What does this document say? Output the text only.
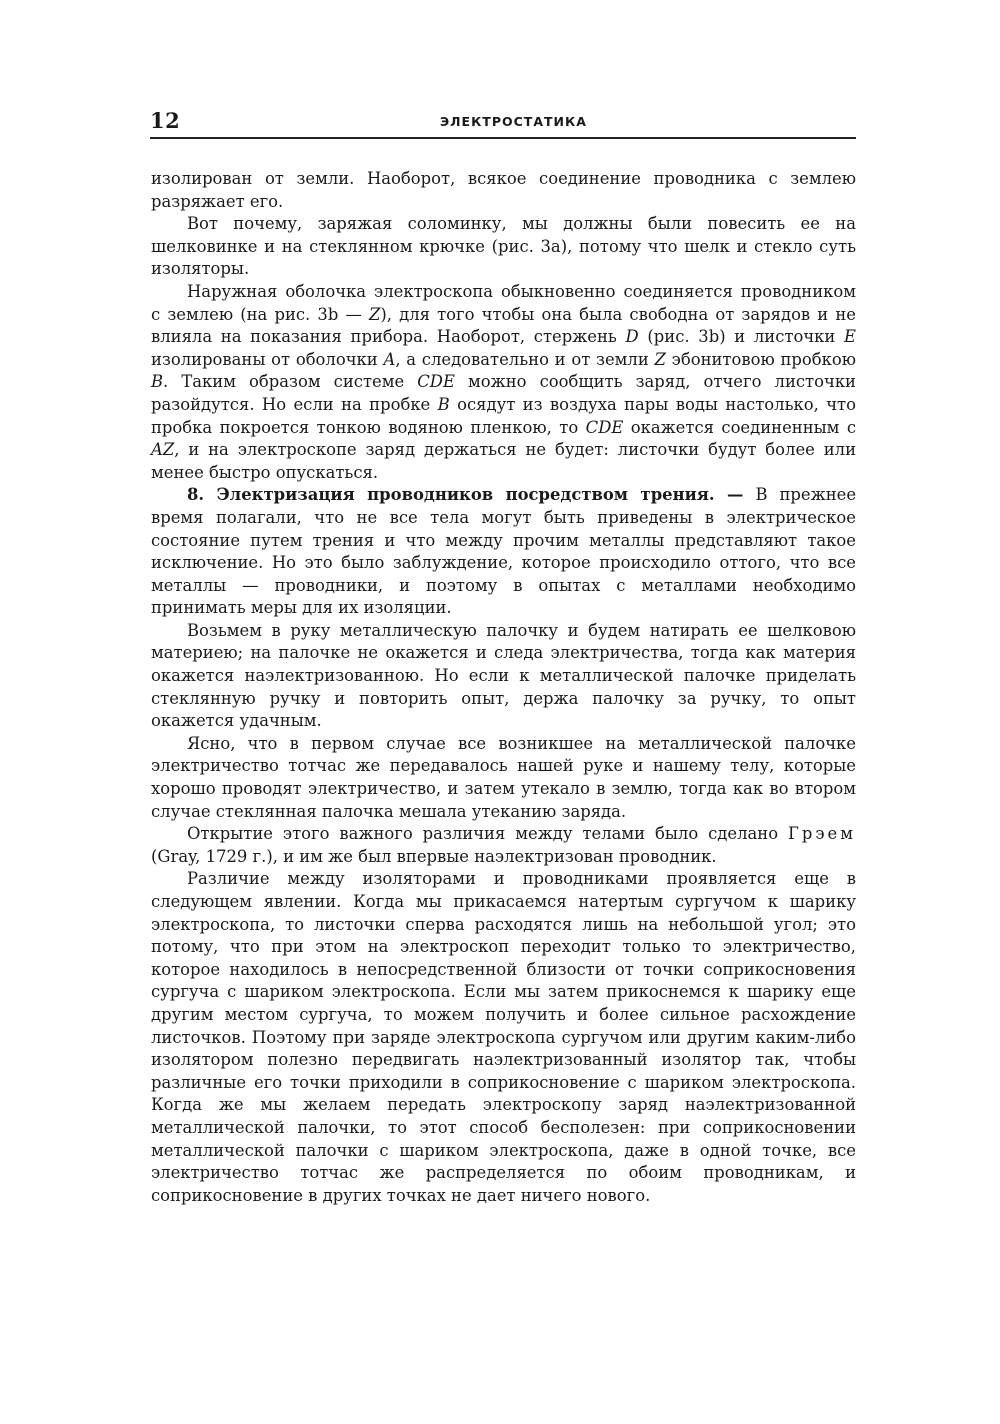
12	ЭЛЕКТРОСТАТИКА

изолирован от земли. Наоборот, всякое соединение проводника с землею разряжает его.

Вот почему, заряжая соломинку, мы должны были повесить ее на шелковинке и на стеклянном крючке (рис. 3а), потому что шелк и стекло суть изоляторы.

Наружная оболочка электроскопа обыкновенно соединяется проводником с землею (на рис. 3b — Z), для того чтобы она была свободна от зарядов и не влияла на показания прибора. Наоборот, стержень D (рис. 3b) и листочки E изолированы от оболочки A, а следовательно и от земли Z эбонитовою пробкою B. Таким образом системе CDE можно сообщить заряд, отчего листочки разойдутся. Но если на пробке B осядут из воздуха пары воды настолько, что пробка покроется тонкою водяною пленкою, то CDE окажется соединенным с AZ, и на электроскопе заряд держаться не будет: листочки будут более или менее быстро опускаться.

8. Электризация проводников посредством трения. — В прежнее время полагали, что не все тела могут быть приведены в электрическое состояние путем трения и что между прочим металлы представляют такое исключение. Но это было заблуждение, которое происходило оттого, что все металлы — проводники, и поэтому в опытах с металлами необходимо принимать меры для их изоляции.

Возьмем в руку металлическую палочку и будем натирать ее шелковою материею; на палочке не окажется и следа электричества, тогда как материя окажется наэлектризованною. Но если к металлической палочке приделать стеклянную ручку и повторить опыт, держа палочку за ручку, то опыт окажется удачным.

Ясно, что в первом случае все возникшее на металлической палочке электричество тотчас же передавалось нашей руке и нашему телу, которые хорошо проводят электричество, и затем утекало в землю, тогда как во втором случае стеклянная палочка мешала утеканию заряда.

Открытие этого важного различия между телами было сделано Грэем (Gray, 1729 г.), и им же был впервые наэлектризован проводник.

Различие между изоляторами и проводниками проявляется еще в следующем явлении. Когда мы прикасаемся натертым сургучом к шарику электроскопа, то листочки сперва расходятся лишь на небольшой угол; это потому, что при этом на электроскоп переходит только то электричество, которое находилось в непосредственной близости от точки соприкосновения сургуча с шариком электроскопа. Если мы затем прикоснемся к шарику еще другим местом сургуча, то можем получить и более сильное расхождение листочков. Поэтому при заряде электроскопа сургучом или другим каким-либо изолятором полезно передвигать наэлектризованный изолятор так, чтобы различные его точки приходили в соприкосновение с шариком электроскопа. Когда же мы желаем передать электроскопу заряд наэлектризованной металлической палочки, то этот способ бесполезен: при соприкосновении металлической палочки с шариком электроскопа, даже в одной точке, все электричество тотчас же распределяется по обоим проводникам, и соприкосновение в других точках не дает ничего нового.
